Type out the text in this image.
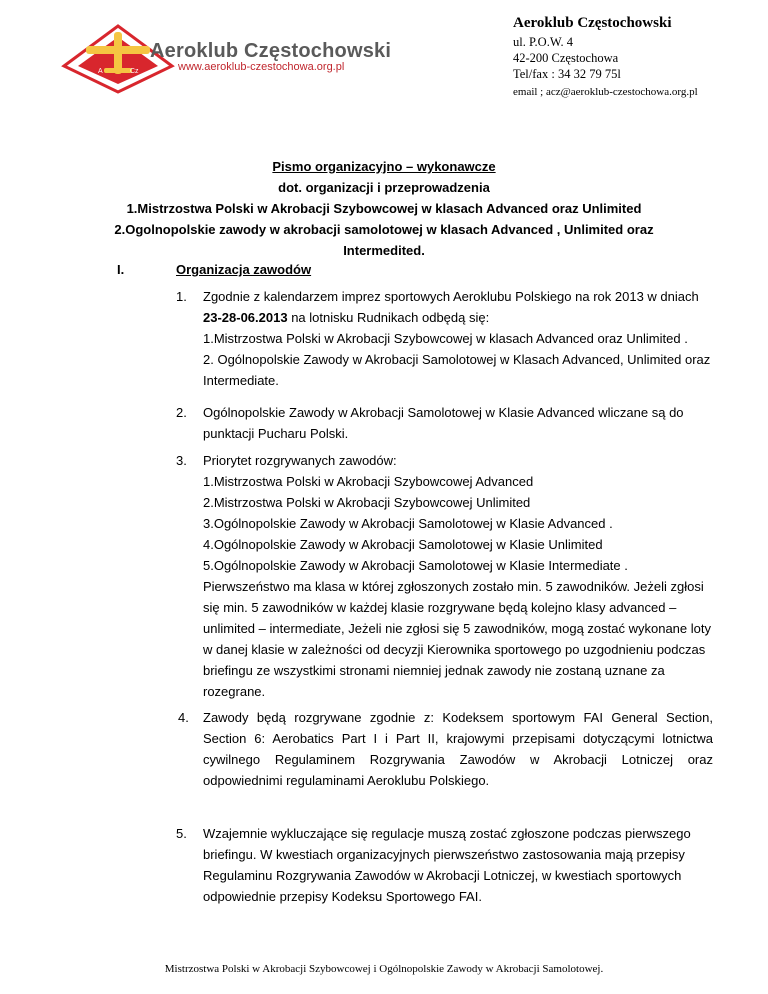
A	Cz
Aeroklub Częstochowski
www.aeroklub-czestochowa.org.pl
Aeroklub Częstochowski
ul. P.O.W. 4
42-200 Częstochowa
Tel/fax : 34 32 79 75l
email ; acz@aeroklub-czestochowa.org.pl
Pismo organizacyjno – wykonawcze
dot. organizacji i przeprowadzenia
1.Mistrzostwa Polski w Akrobacji Szybowcowej w klasach Advanced oraz Unlimited
2.Ogolnopolskie zawody w akrobacji samolotowej w klasach Advanced , Unlimited oraz
Intermedited.
I.	Organizacja zawodów
1. Zgodnie z kalendarzem imprez sportowych Aeroklubu Polskiego na rok 2013 w dniach
23-28-06.2013 na lotnisku Rudnikach odbędą się:
1.Mistrzostwa Polski w Akrobacji Szybowcowej w klasach Advanced oraz Unlimited .
2. Ogólnopolskie Zawody w Akrobacji Samolotowej w Klasach Advanced, Unlimited oraz
Intermediate.
2. Ogólnopolskie Zawody w Akrobacji Samolotowej w Klasie Advanced wliczane są do
punktacji Pucharu Polski.
3. Priorytet rozgrywanych zawodów:
1.Mistrzostwa Polski w Akrobacji Szybowcowej Advanced
2.Mistrzostwa Polski w Akrobacji Szybowcowej Unlimited
3.Ogólnopolskie Zawody w Akrobacji Samolotowej w Klasie Advanced .
4.Ogólnopolskie Zawody w Akrobacji Samolotowej w Klasie Unlimited
5.Ogólnopolskie Zawody w Akrobacji Samolotowej w Klasie Intermediate .
Pierwszeństwo ma klasa w której zgłoszonych zostało min. 5 zawodników. Jeżeli zgłosi
się min. 5 zawodników w każdej klasie rozgrywane będą kolejno klasy advanced –
unlimited – intermediate, Jeżeli nie zgłosi się 5 zawodników, mogą zostać wykonane loty
w danej klasie w zależności od decyzji Kierownika sportowego po uzgodnieniu podczas
briefingu ze wszystkimi stronami niemniej jednak zawody nie zostaną uznane za
rozegrane.
4. Zawody będą rozgrywane zgodnie z: Kodeksem sportowym FAI General Section,
Section 6: Aerobatics Part I i Part II, krajowymi przepisami dotyczącymi lotnictwa
cywilnego Regulaminem Rozgrywania Zawodów w Akrobacji Lotniczej oraz
odpowiednimi regulaminami Aeroklubu Polskiego.
5. Wzajemnie wykluczające się regulacje muszą zostać zgłoszone podczas pierwszego
briefingu. W kwestiach organizacyjnych pierwszeństwo zastosowania mają przepisy
Regulaminu Rozgrywania Zawodów w Akrobacji Lotniczej, w kwestiach sportowych
odpowiednie przepisy Kodeksu Sportowego FAI.
Mistrzostwa Polski w Akrobacji Szybowcowej i Ogólnopolskie Zawody w Akrobacji Samolotowej.
